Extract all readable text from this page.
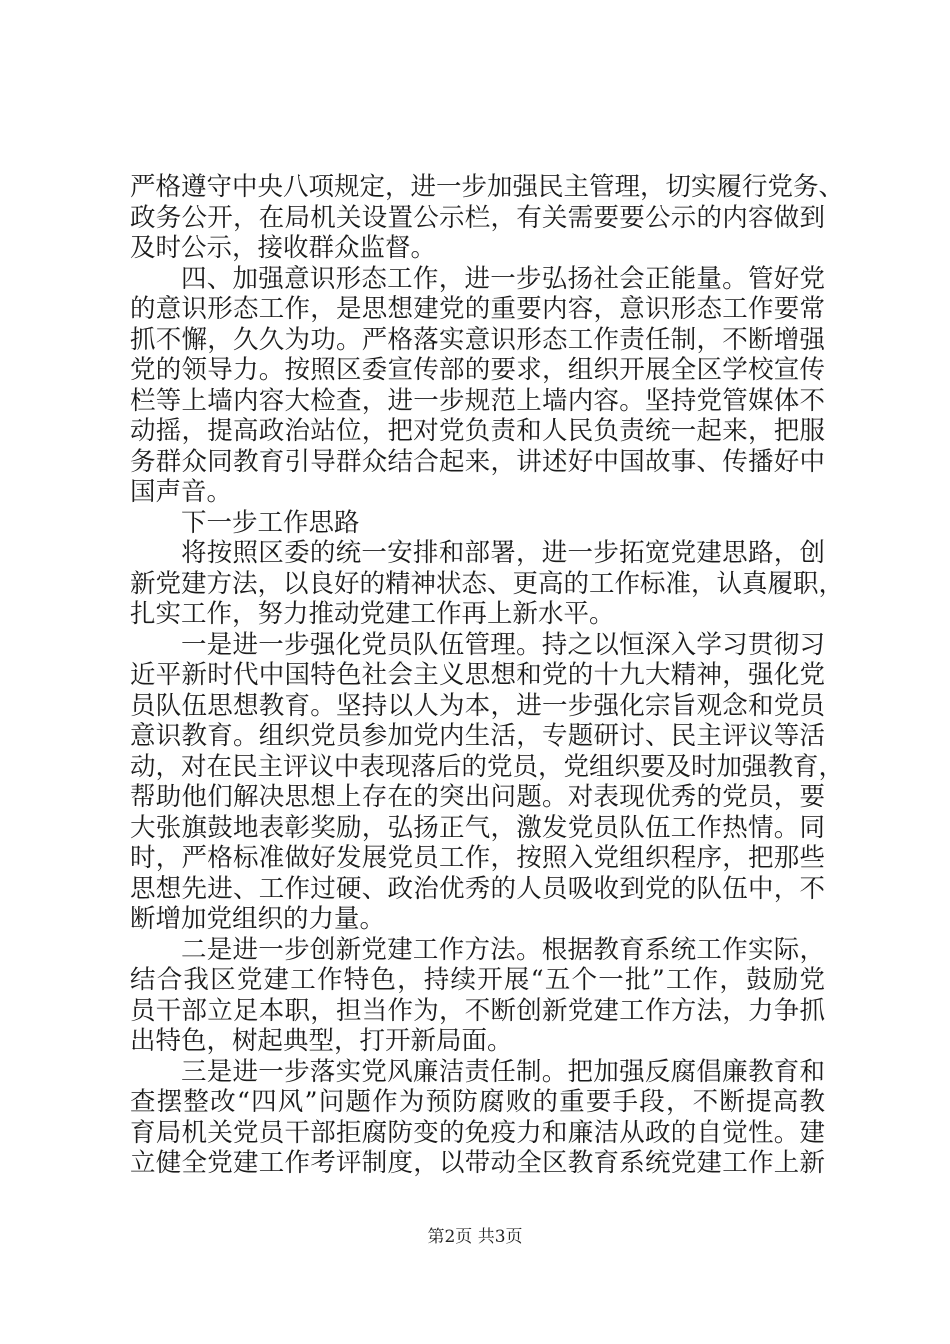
严格遵守中央八项规定，进一步加强民主管理，切实履行党务、
政务公开，在局机关设置公示栏，有关需要要公示的内容做到
及时公示，接收群众监督。
四、加强意识形态工作，进一步弘扬社会正能量。管好党
的意识形态工作，是思想建党的重要内容，意识形态工作要常
抓不懈，久久为功。严格落实意识形态工作责任制，不断增强
党的领导力。按照区委宣传部的要求，组织开展全区学校宣传
栏等上墙内容大检查，进一步规范上墙内容。坚持党管媒体不
动摇，提高政治站位，把对党负责和人民负责统一起来，把服
务群众同教育引导群众结合起来，讲述好中国故事、传播好中
国声音。
下一步工作思路
将按照区委的统一安排和部署，进一步拓宽党建思路，创
新党建方法，以良好的精神状态、更高的工作标准，认真履职，
扎实工作，努力推动党建工作再上新水平。
一是进一步强化党员队伍管理。持之以恒深入学习贯彻习
近平新时代中国特色社会主义思想和党的十九大精神，强化党
员队伍思想教育。坚持以人为本，进一步强化宗旨观念和党员
意识教育。组织党员参加党内生活，专题研讨、民主评议等活
动，对在民主评议中表现落后的党员，党组织要及时加强教育，
帮助他们解决思想上存在的突出问题。对表现优秀的党员，要
大张旗鼓地表彰奖励，弘扬正气，激发党员队伍工作热情。同
时，严格标准做好发展党员工作，按照入党组织程序，把那些
思想先进、工作过硬、政治优秀的人员吸收到党的队伍中，不
断增加党组织的力量。
二是进一步创新党建工作方法。根据教育系统工作实际，
结合我区党建工作特色，持续开展“五个一批”工作，鼓励党
员干部立足本职，担当作为，不断创新党建工作方法，力争抓
出特色，树起典型，打开新局面。
三是进一步落实党风廉洁责任制。把加强反腐倡廉教育和
查摆整改“四风”问题作为预防腐败的重要手段，不断提高教
育局机关党员干部拒腐防变的免疫力和廉洁从政的自觉性。建
立健全党建工作考评制度，以带动全区教育系统党建工作上新
第2页 共3页
